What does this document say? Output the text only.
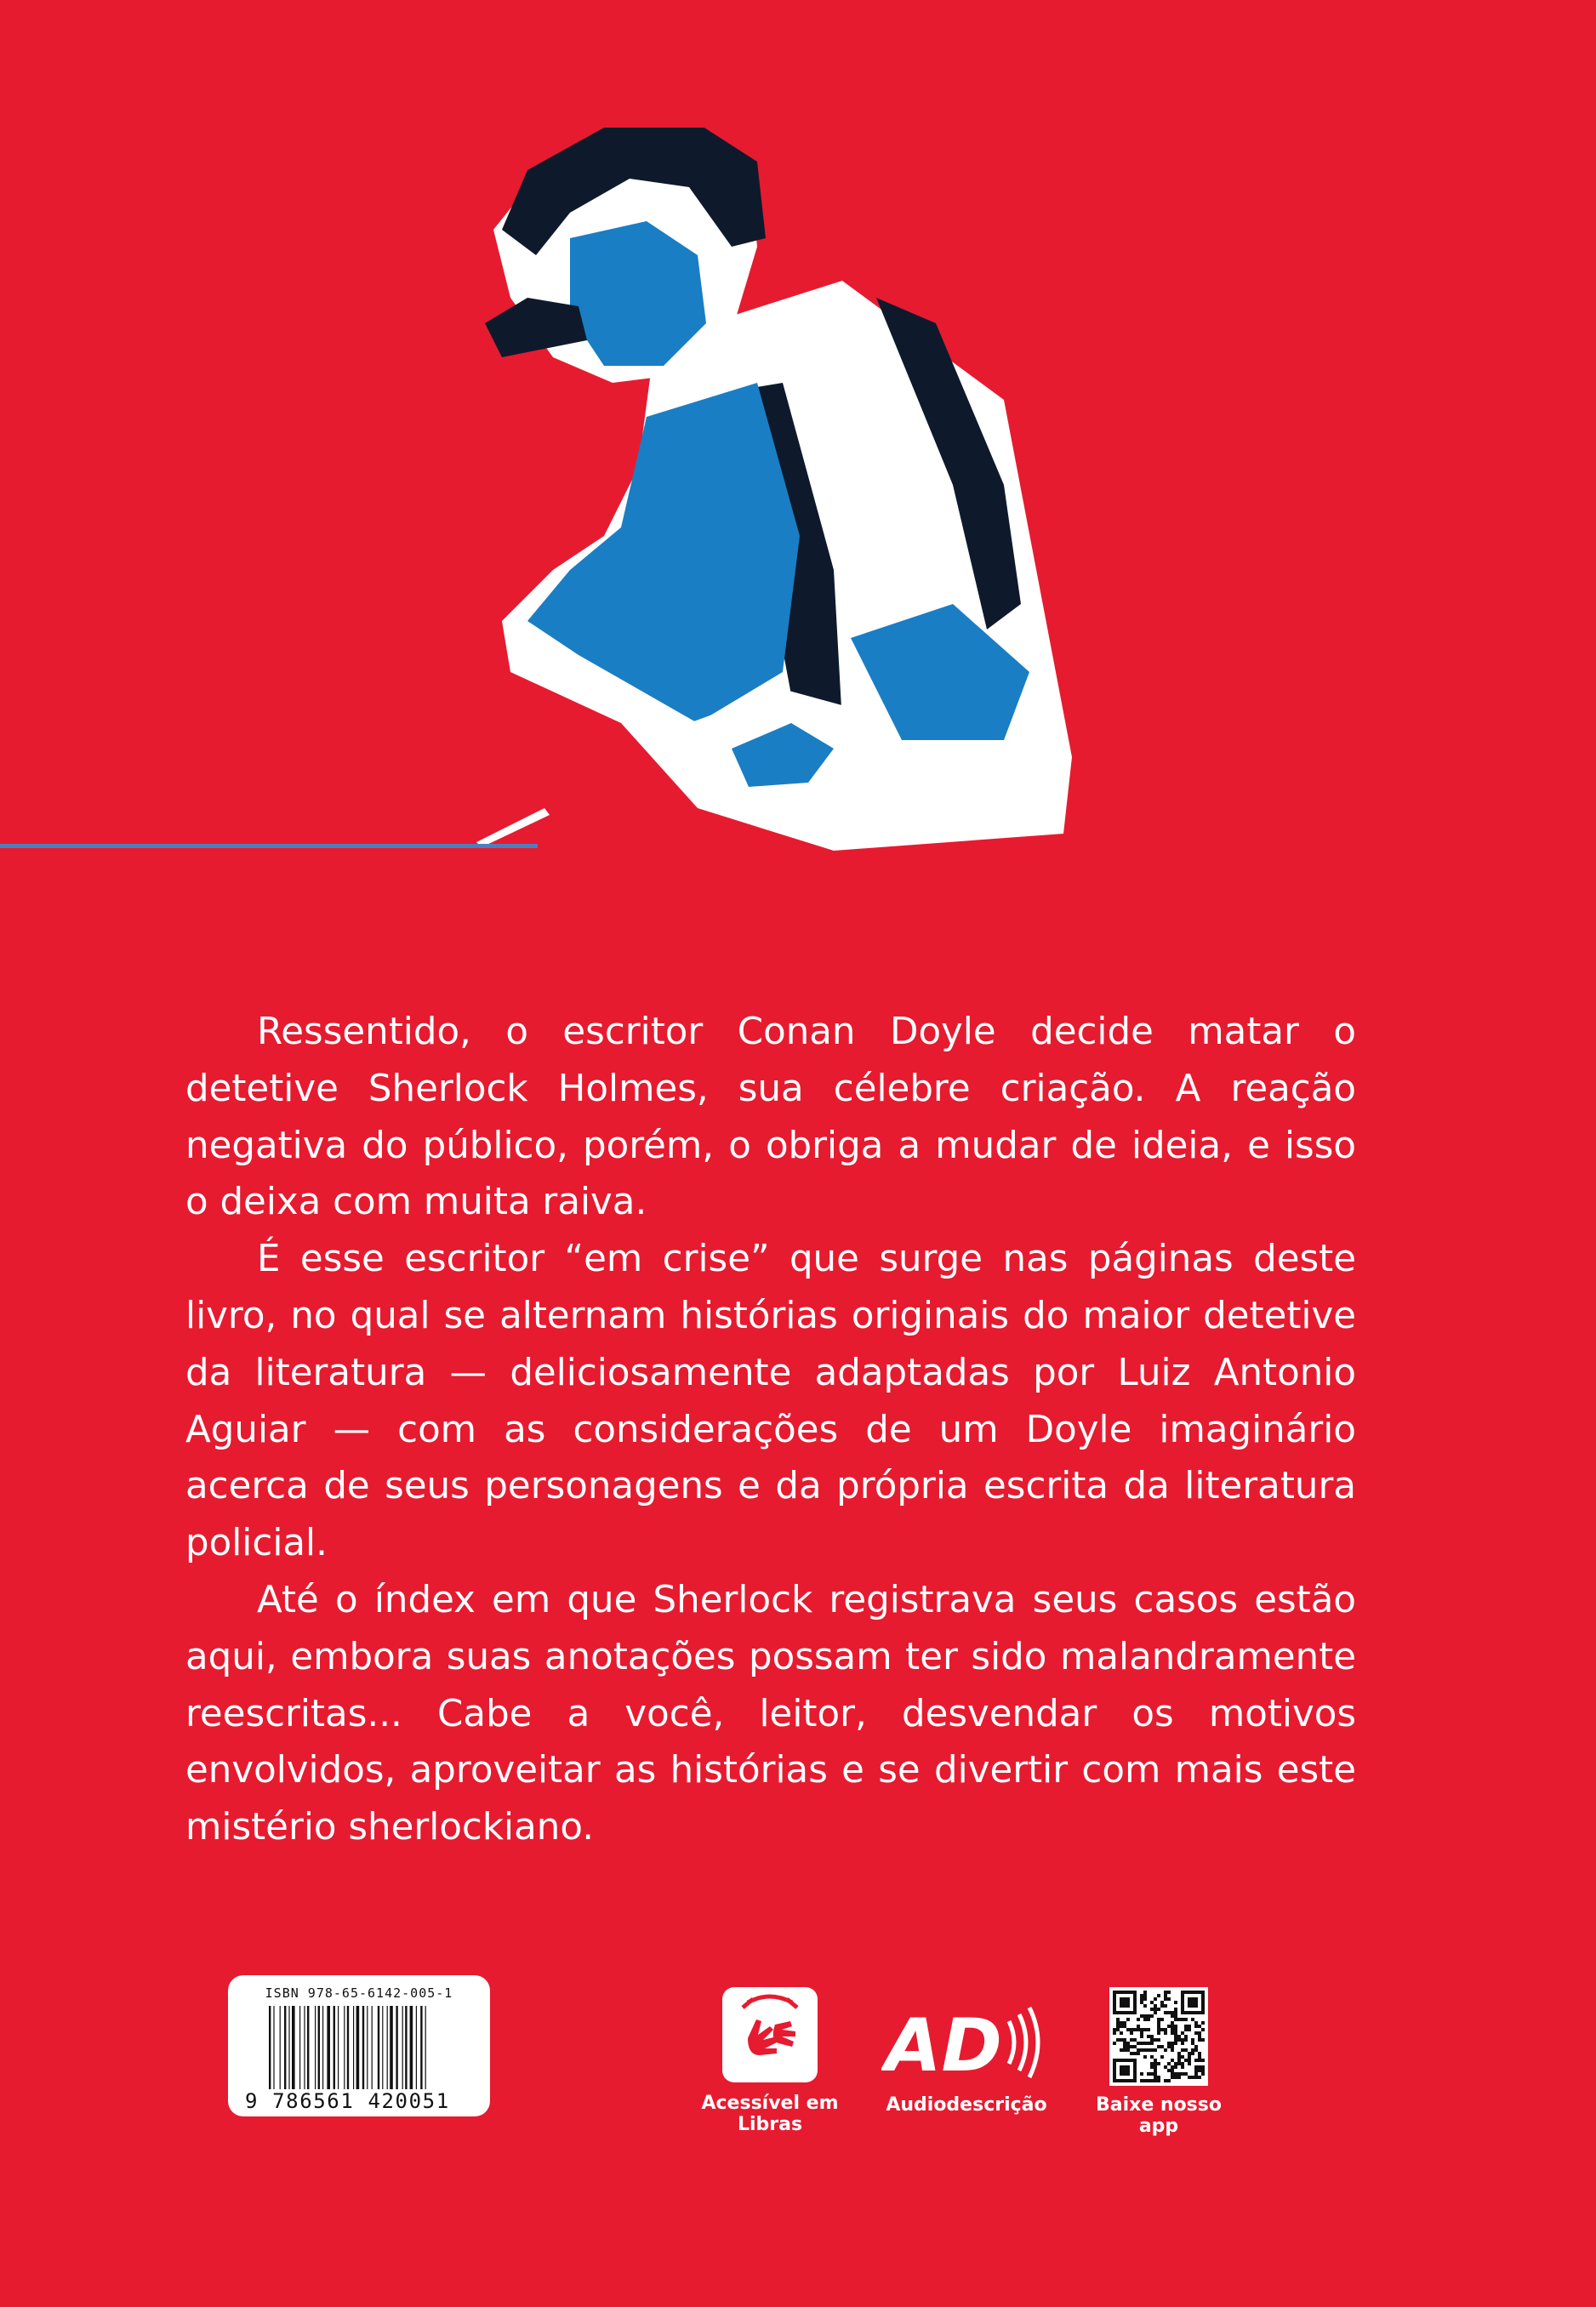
Ressentido, o escritor Conan Doyle decide matar o detetive Sherlock Holmes, sua célebre criação. A reação negativa do público, porém, o obriga a mudar de ideia, e isso o deixa com muita raiva.

É esse escritor “em crise” que surge nas páginas deste livro, no qual se alternam histórias originais do maior detetive da literatura — deliciosamente adaptadas por Luiz Antonio Aguiar — com as considerações de um Doyle imaginário acerca de seus personagens e da própria escrita da literatura policial.

Até o índex em que Sherlock registrava seus casos estão aqui, embora suas anotações possam ter sido malandramente reescritas... Cabe a você, leitor, desvendar os motivos envolvidos, aproveitar as histórias e se divertir com mais este mistério sherlockiano.

ISBN 978-65-6142-005-1
9 786561 420051	Acessível em Libras
AD
Audiodescrição	Baixe nosso app
